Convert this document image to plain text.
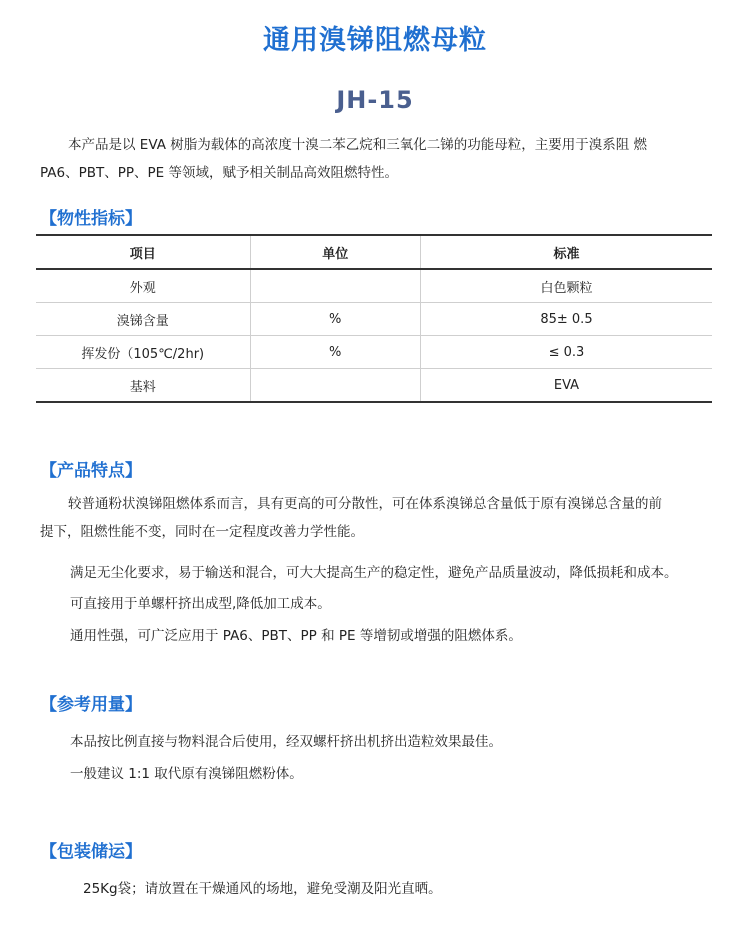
通用溴锑阻燃母粒
JH-15
本产品是以 EVA 树脂为载体的高浓度十溴二苯乙烷和三氧化二锑的功能母粒，主要用于溴系阻 燃
PA6、PBT、PP、PE 等领域，赋予相关制品高效阻燃特性。
【物性指标】
项目	单位	标准
外观		白色颗粒
溴锑含量	%	85± 0.5
挥发份（105℃/2hr)	%	≤ 0.3
基料		EVA
【产品特点】
较普通粉状溴锑阻燃体系而言，具有更高的可分散性，可在体系溴锑总含量低于原有溴锑总含量的前
提下，阻燃性能不变，同时在一定程度改善力学性能。
满足无尘化要求，易于输送和混合，可大大提高生产的稳定性，避免产品质量波动，降低损耗和成本。
可直接用于单螺杆挤出成型,降低加工成本。
通用性强，可广泛应用于 PA6、PBT、PP 和 PE 等增韧或增强的阻燃体系。
【参考用量】
本品按比例直接与物料混合后使用，经双螺杆挤出机挤出造粒效果最佳。
一般建议 1:1 取代原有溴锑阻燃粉体。
【包装储运】
25Kg袋；请放置在干燥通风的场地，避免受潮及阳光直晒。
